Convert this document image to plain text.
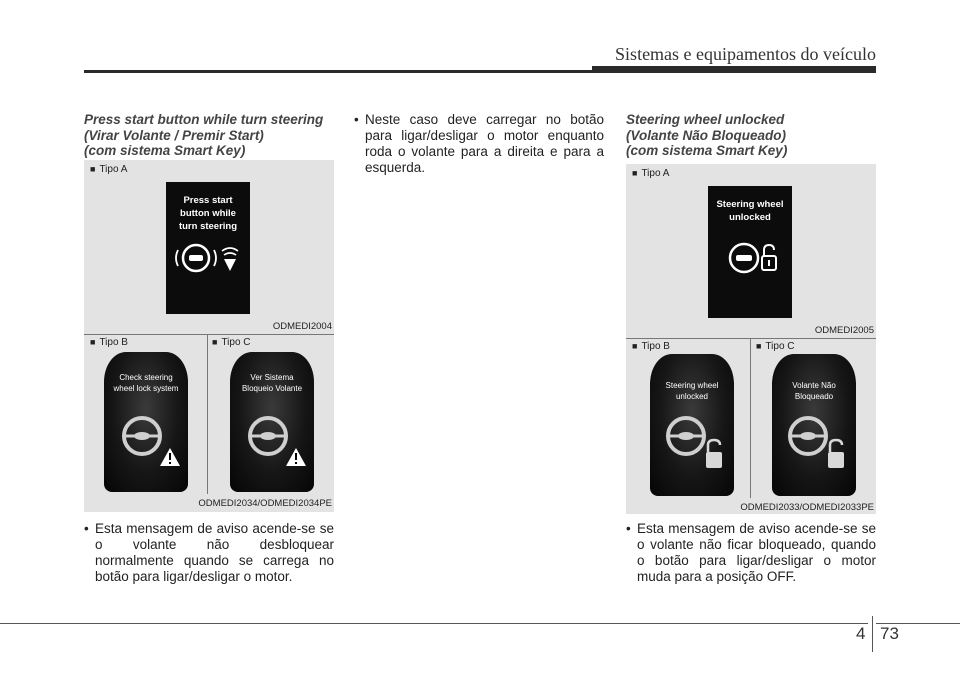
Sistemas e equipamentos do veículo
Press start button while turn steering
(Virar Volante / Premir Start)
(com sistema Smart Key)
■ Tipo A
Press start
button while
turn steering
ODMEDI2004
■ Tipo B	■ Tipo C
Check steering
wheel lock system
Ver Sistema
Bloqueio Volante
ODMEDI2034/ODMEDI2034PE

• Esta mensagem de aviso acende-se se o volante não desbloquear normalmente quando se carrega no botão para ligar/desligar o motor.

• Neste caso deve carregar no botão para ligar/desligar o motor enquanto roda o volante para a direita e para a esquerda.

Steering wheel unlocked
(Volante Não Bloqueado)
(com sistema Smart Key)
■ Tipo A
Steering wheel
unlocked
ODMEDI2005
■ Tipo B	■ Tipo C
Steering wheel
unlocked
Volante Não
Bloqueado
ODMEDI2033/ODMEDI2033PE

• Esta mensagem de aviso acende-se se o volante não ficar bloqueado, quando o botão para ligar/desligar o motor muda para a posição OFF.

4 73
